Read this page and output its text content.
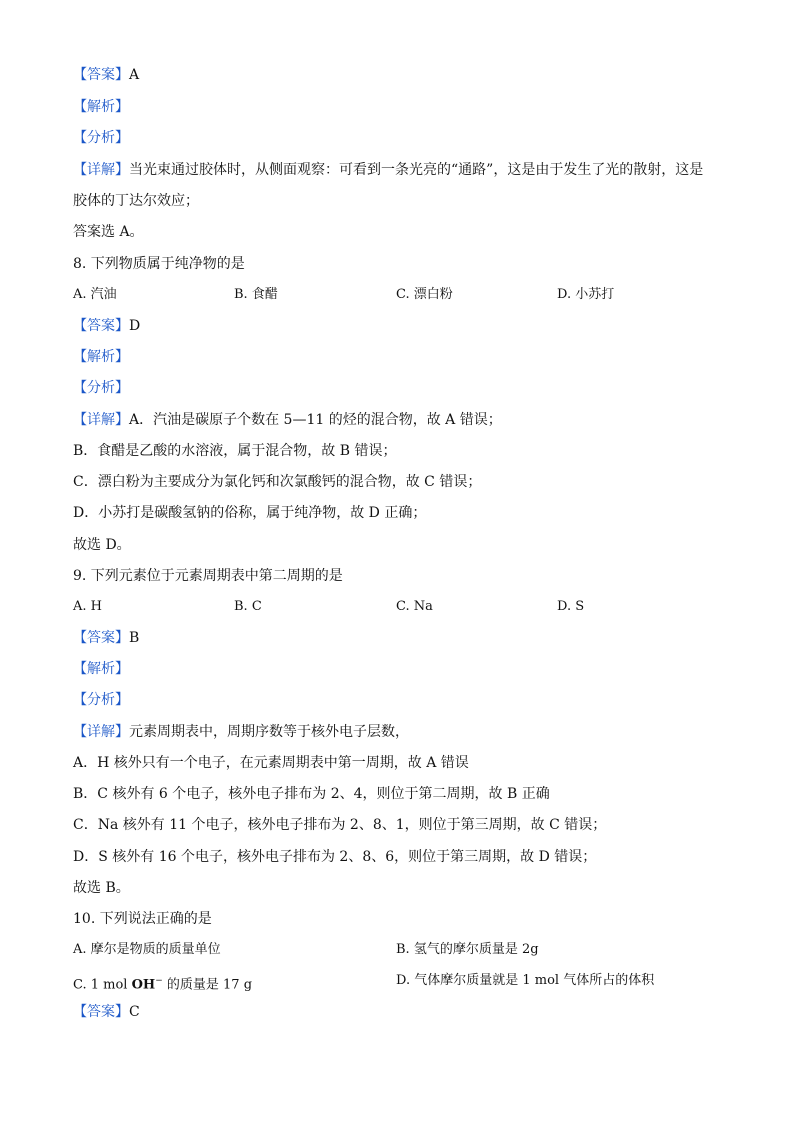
【答案】A
【解析】
【分析】
【详解】当光束通过胶体时，从侧面观察：可看到一条光亮的“通路”，这是由于发生了光的散射，这是
胶体的丁达尔效应；
答案选 A。
8. 下列物质属于纯净物的是
A. 汽油	B. 食醋	C. 漂白粉	D. 小苏打
【答案】D
【解析】
【分析】
【详解】A．汽油是碳原子个数在 5—11 的烃的混合物，故 A 错误；
B．食醋是乙酸的水溶液，属于混合物，故 B 错误；
C．漂白粉为主要成分为氯化钙和次氯酸钙的混合物，故 C 错误；
D．小苏打是碳酸氢钠的俗称，属于纯净物，故 D 正确；
故选 D。
9. 下列元素位于元素周期表中第二周期的是
A. H	B. C	C. Na	D. S
【答案】B
【解析】
【分析】
【详解】元素周期表中，周期序数等于核外电子层数，
A．H 核外只有一个电子，在元素周期表中第一周期，故 A 错误
B．C 核外有 6 个电子，核外电子排布为 2、4，则位于第二周期，故 B 正确
C．Na 核外有 11 个电子，核外电子排布为 2、8、1，则位于第三周期，故 C 错误；
D．S 核外有 16 个电子，核外电子排布为 2、8、6，则位于第三周期，故 D 错误；
故选 B。
10. 下列说法正确的是
A. 摩尔是物质的质量单位	B. 氢气的摩尔质量是 2g
C. 1 mol OH− 的质量是 17 g	D. 气体摩尔质量就是 1 mol 气体所占的体积
【答案】C
